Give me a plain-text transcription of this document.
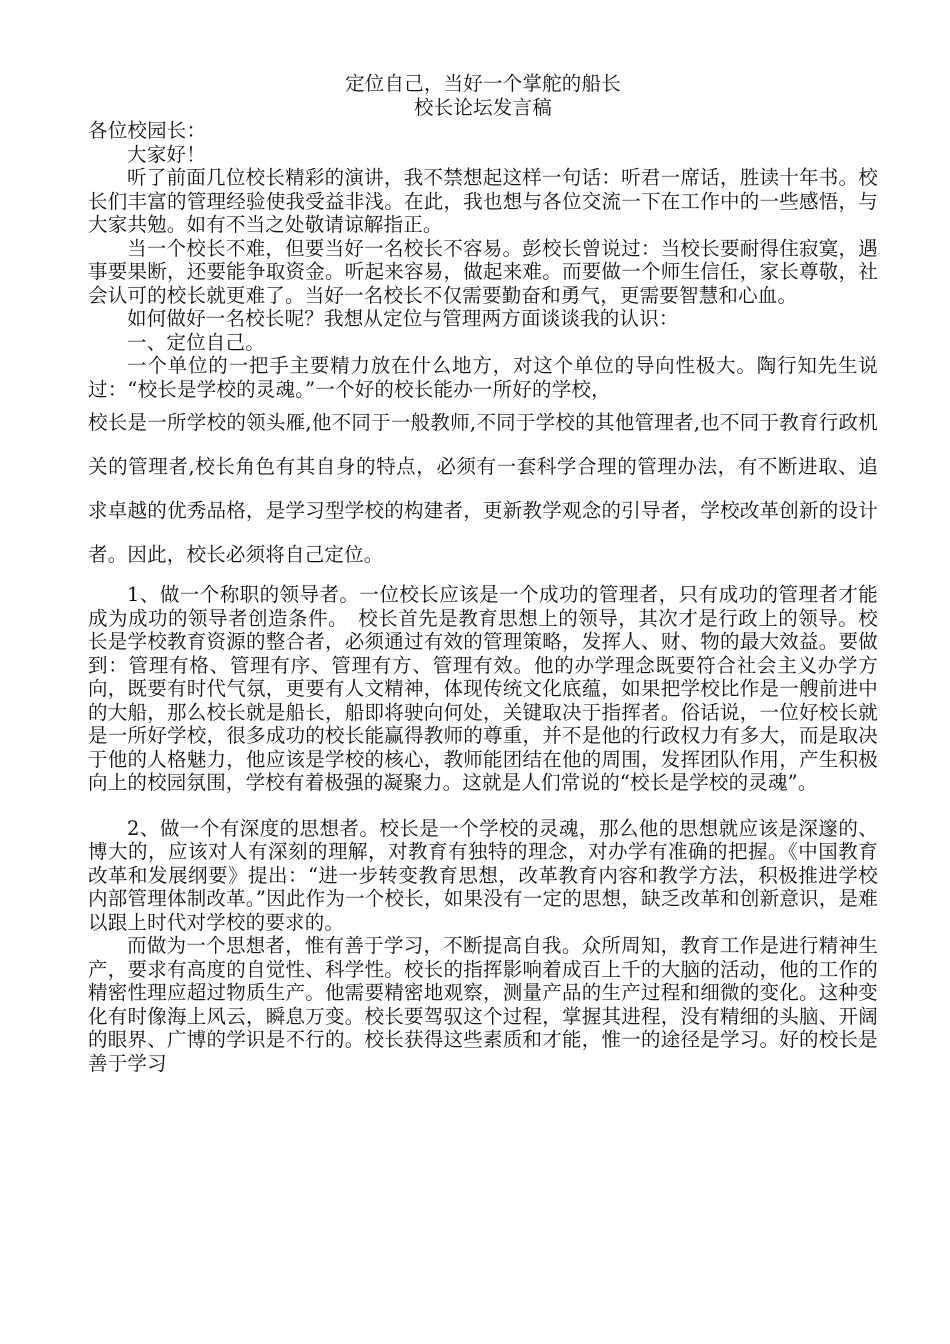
定位自己，当好一个掌舵的船长
校长论坛发言稿
各位校园长：

大家好！

听了前面几位校长精彩的演讲，我不禁想起这样一句话：听君一席话，胜读十年书。校长们丰富的管理经验使我受益非浅。在此，我也想与各位交流一下在工作中的一些感悟，与大家共勉。如有不当之处敬请谅解指正。

当一个校长不难，但要当好一名校长不容易。彭校长曾说过：当校长要耐得住寂寞，遇事要果断，还要能争取资金。听起来容易，做起来难。而要做一个师生信任，家长尊敬，社会认可的校长就更难了。当好一名校长不仅需要勤奋和勇气，更需要智慧和心血。

如何做好一名校长呢？我想从定位与管理两方面谈谈我的认识：

一、定位自己。

一个单位的一把手主要精力放在什么地方，对这个单位的导向性极大。陶行知先生说过：“校长是学校的灵魂。”一个好的校长能办一所好的学校，

校长是一所学校的领头雁,他不同于一般教师,不同于学校的其他管理者,也不同于教育行政机关的管理者,校长角色有其自身的特点，必须有一套科学合理的管理办法，有不断进取、追求卓越的优秀品格，是学习型学校的构建者，更新教学观念的引导者，学校改革创新的设计者。因此，校长必须将自己定位。

1、做一个称职的领导者。一位校长应该是一个成功的管理者，只有成功的管理者才能成为成功的领导者创造条件。　校长首先是教育思想上的领导，其次才是行政上的领导。校长是学校教育资源的整合者，必须通过有效的管理策略，发挥人、财、物的最大效益。要做到：管理有格、管理有序、管理有方、管理有效。他的办学理念既要符合社会主义办学方向，既要有时代气氛，更要有人文精神，体现传统文化底蕴，如果把学校比作是一艘前进中的大船，那么校长就是船长，船即将驶向何处，关键取决于指挥者。俗话说，一位好校长就是一所好学校，很多成功的校长能赢得教师的尊重，并不是他的行政权力有多大，而是取决于他的人格魅力，他应该是学校的核心，教师能团结在他的周围，发挥团队作用，产生积极向上的校园氛围，学校有着极强的凝聚力。这就是人们常说的“校长是学校的灵魂”。

2、做一个有深度的思想者。校长是一个学校的灵魂，那么他的思想就应该是深邃的、博大的，应该对人有深刻的理解，对教育有独特的理念，对办学有准确的把握。《中国教育改革和发展纲要》提出：“进一步转变教育思想，改革教育内容和教学方法，积极推进学校内部管理体制改革。”因此作为一个校长，如果没有一定的思想，缺乏改革和创新意识，是难以跟上时代对学校的要求的。

而做为一个思想者，惟有善于学习，不断提高自我。众所周知，教育工作是进行精神生产，要求有高度的自觉性、科学性。校长的指挥影响着成百上千的大脑的活动，他的工作的精密性理应超过物质生产。他需要精密地观察，测量产品的生产过程和细微的变化。这种变化有时像海上风云，瞬息万变。校长要驾驭这个过程，掌握其进程，没有精细的头脑、开阔的眼界、广博的学识是不行的。校长获得这些素质和才能，惟一的途径是学习。好的校长是善于学习
